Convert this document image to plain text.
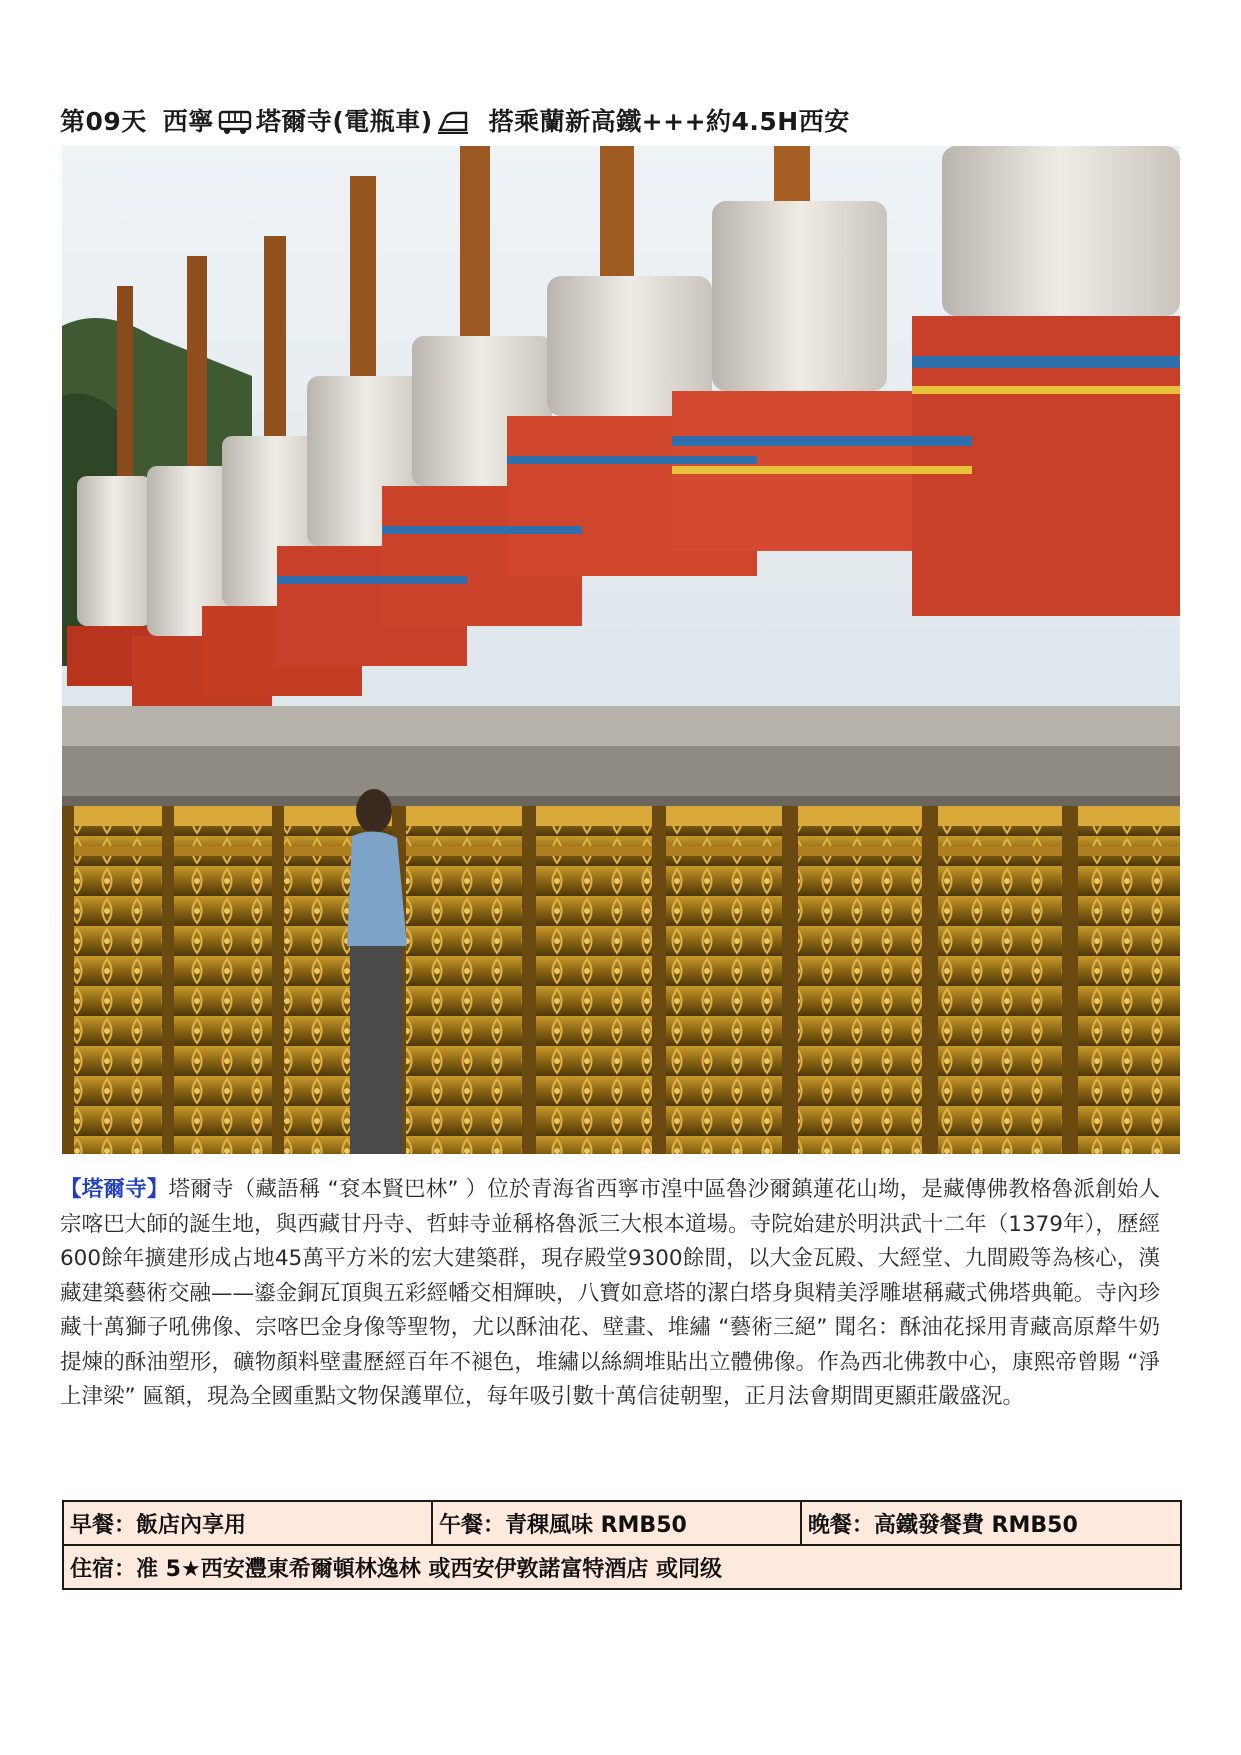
第09天 西寧 塔爾寺(電瓶車) 搭乘蘭新高鐵+++約4.5H西安
【塔爾寺】塔爾寺（藏語稱 “袞本賢巴林” ）位於青海省西寧市湟中區魯沙爾鎮蓮花山坳，是藏傳佛教格魯派創始人宗喀巴大師的誕生地，與西藏甘丹寺、哲蚌寺並稱格魯派三大根本道場。寺院始建於明洪武十二年（1379年），歷經600餘年擴建形成占地45萬平方米的宏大建築群，現存殿堂9300餘間，以大金瓦殿、大經堂、九間殿等為核心，漢藏建築藝術交融——鎏金銅瓦頂與五彩經幡交相輝映，八寶如意塔的潔白塔身與精美浮雕堪稱藏式佛塔典範。寺內珍藏十萬獅子吼佛像、宗喀巴金身像等聖物，尤以酥油花、壁畫、堆繡 “藝術三絕” 聞名：酥油花採用青藏高原犛牛奶提煉的酥油塑形，礦物顏料壁畫歷經百年不褪色，堆繡以絲綢堆貼出立體佛像。作為西北佛教中心，康熙帝曾賜 “淨上津梁” 匾額，現為全國重點文物保護單位，每年吸引數十萬信徒朝聖，正月法會期間更顯莊嚴盛況。
早餐：飯店內享用	午餐：青稞風味 RMB50	晚餐：高鐵發餐費 RMB50
住宿：准 5★西安灃東希爾頓林逸林 或西安伊敦諾富特酒店 或同级
